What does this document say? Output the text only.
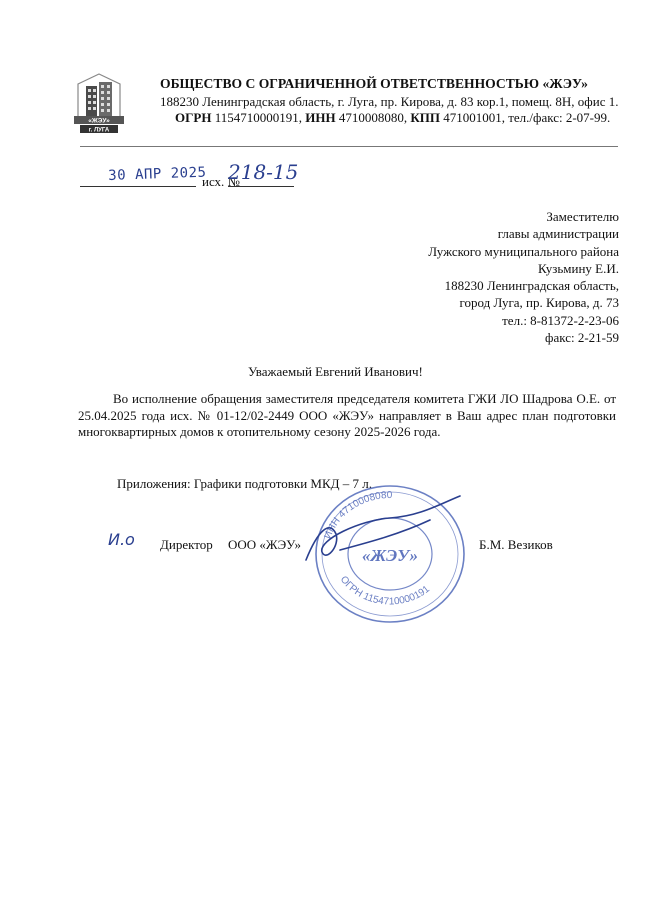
«ЖЭУ»
г. ЛУГА
ОБЩЕСТВО С ОГРАНИЧЕННОЙ ОТВЕТСТВЕННОСТЬЮ «ЖЭУ»
188230 Ленинградская область, г. Луга, пр. Кирова, д. 83 кор.1, помещ. 8Н, офис 1.
ОГРН 1154710000191, ИНН 4710008080, КПП 471001001, тел./факс: 2-07-99.
30 АПР 2025
исх. №
218-15
Заместителю
главы администрации
Лужского муниципального района
Кузьмину Е.И.
188230 Ленинградская область,
город Луга, пр. Кирова, д. 73
тел.: 8-81372-2-23-06
факс: 2-21-59
Уважаемый Евгений Иванович!
Во исполнение обращения заместителя председателя комитета ГЖИ ЛО Шадрова О.Е. от 25.04.2025 года исх. № 01-12/02-2449 ООО «ЖЭУ» направляет в Ваш адрес план подготовки многоквартирных домов к отопительному сезону 2025-2026 года.
Приложения: Графики подготовки МКД – 7 л.
ИНН 4710008080
ОГРН 1154710000191
«ЖЭУ»
И.о Директор ООО «ЖЭУ»	Б.М. Везиков
